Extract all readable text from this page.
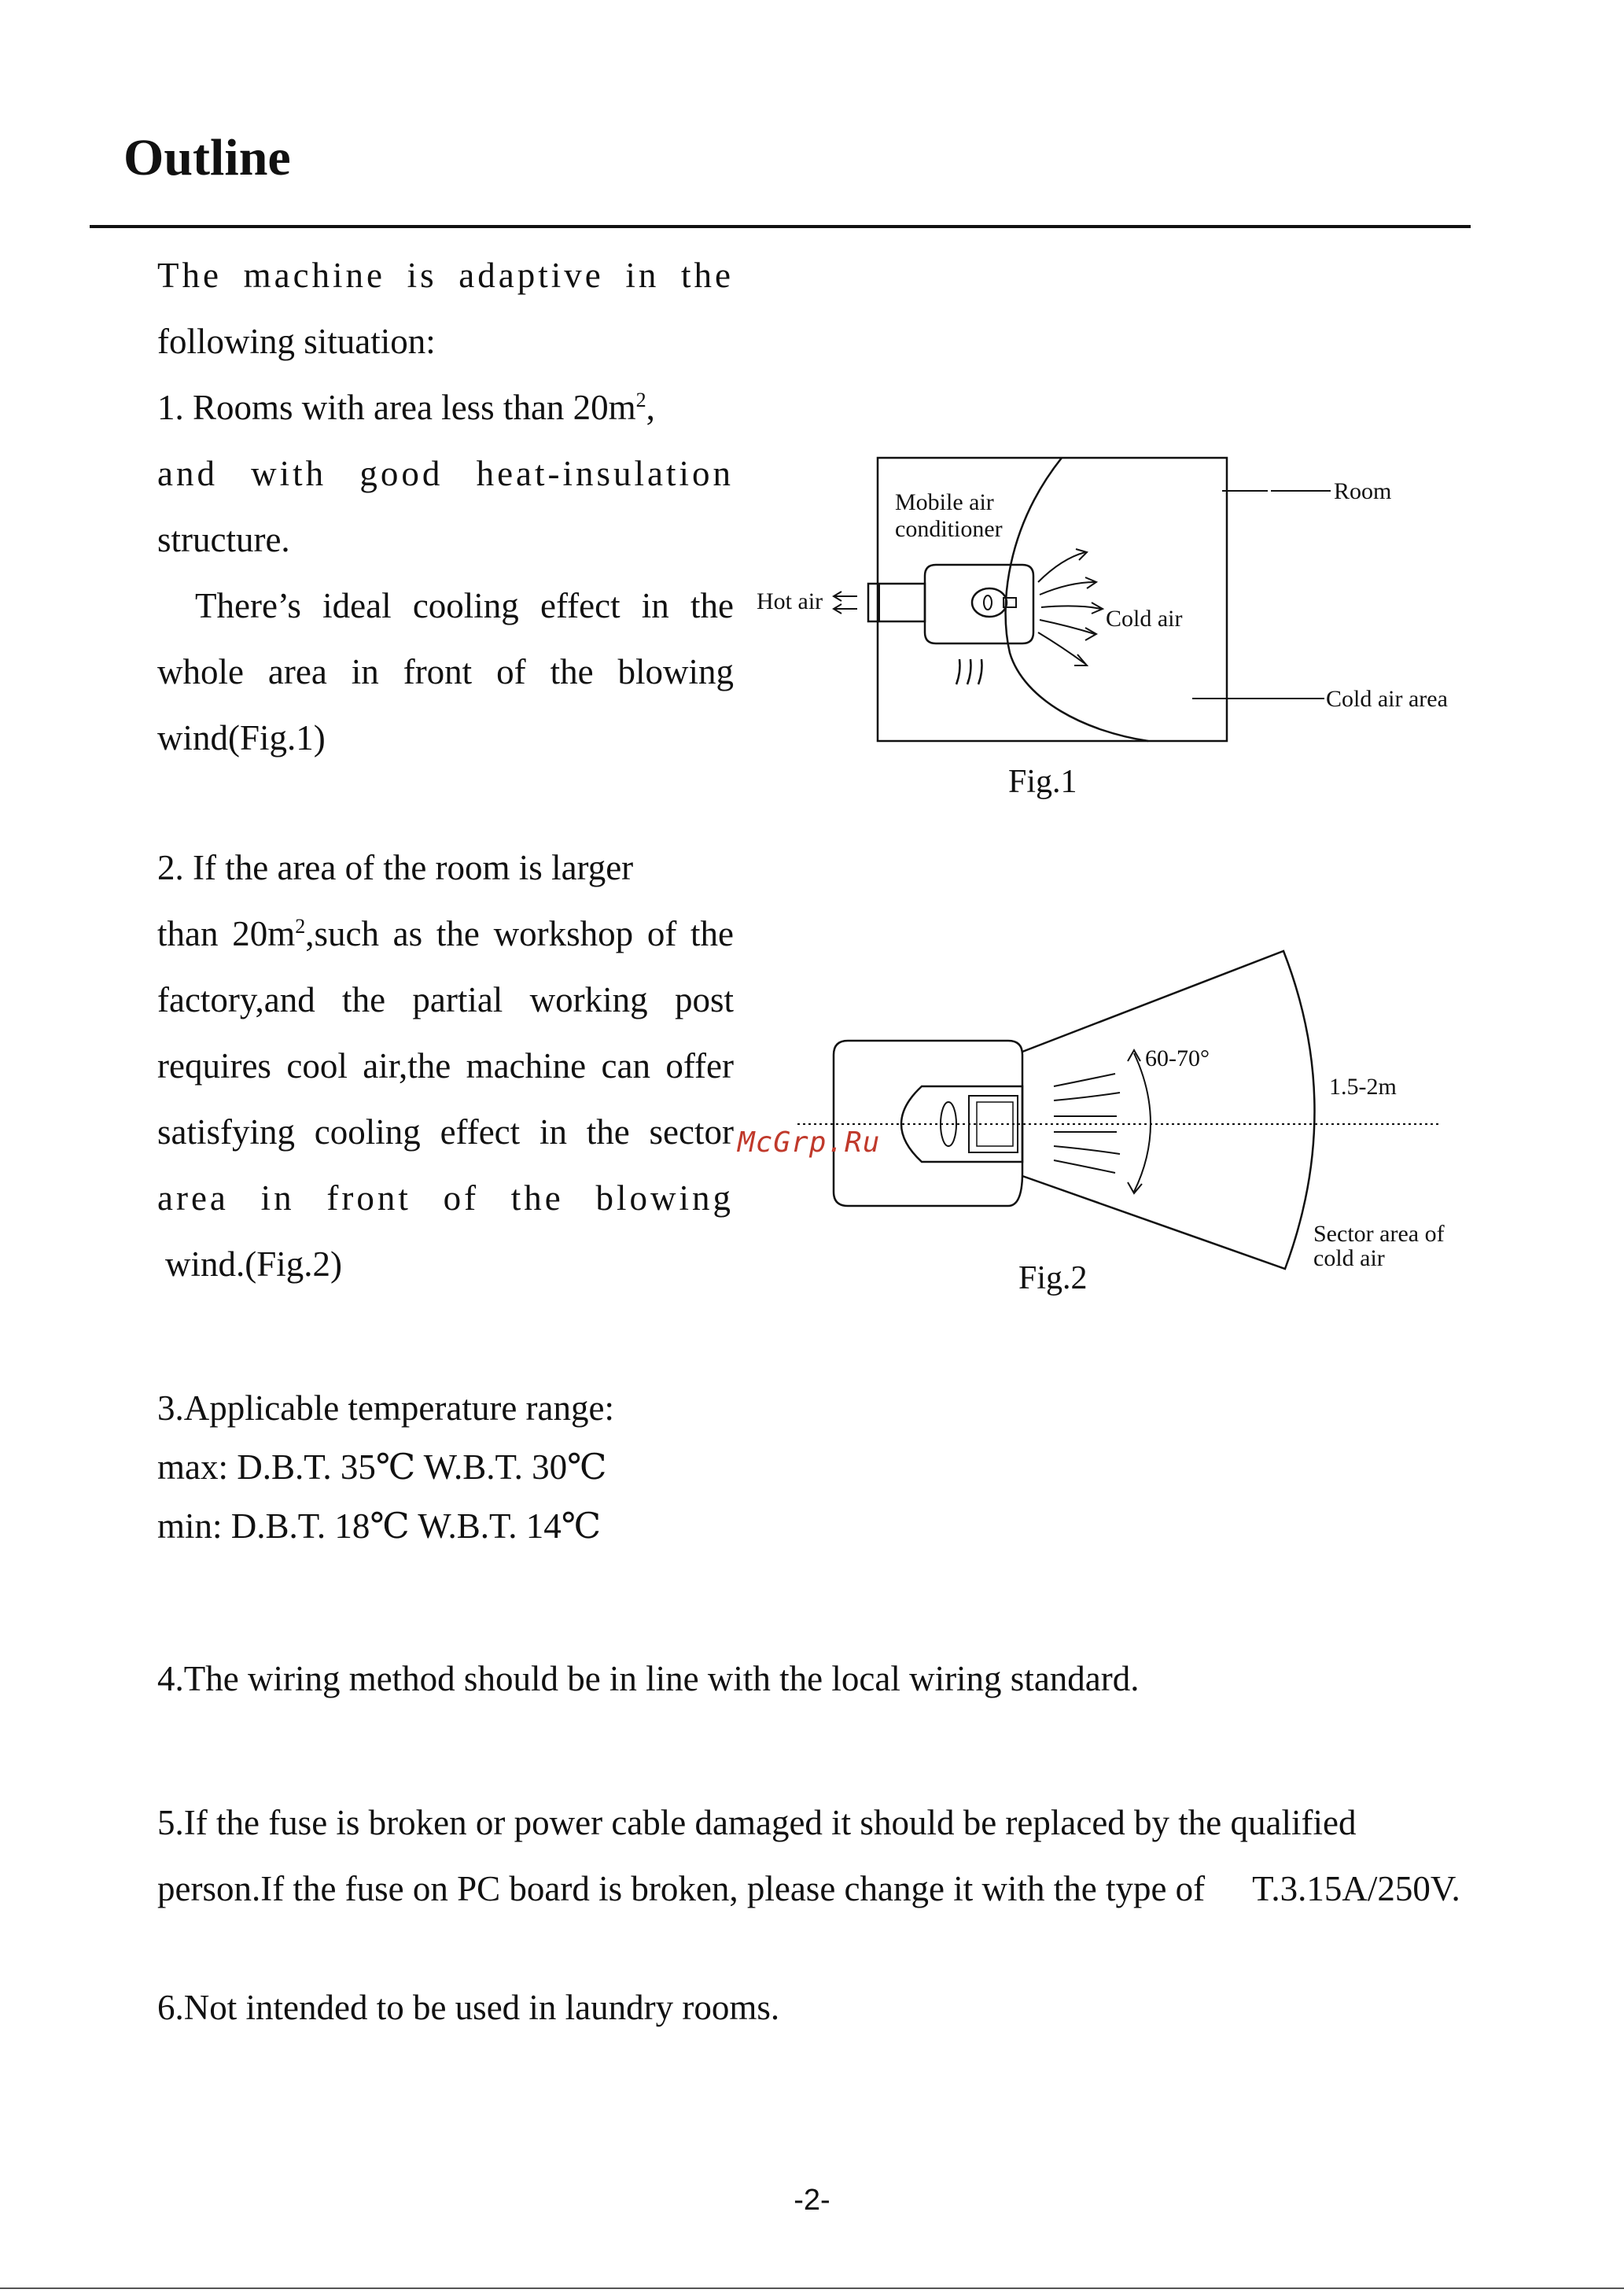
Outline
The machine is adaptive in the
following situation:
1. Rooms with area less than $20m^2$,
and with good heat-insulation
structure.
There’s ideal cooling effect in the
whole area in front of the blowing
wind(Fig.1)
Mobile air
conditioner
Hot air
Cold air
Room
Cold air area
Fig.1
2. If the area of the room is larger
than $20m^2,such$ as the workshop of the
factory,and the partial working post
requires cool air,the machine can offer
satisfying cooling effect in the sector
area in front of the blowing
wind.(Fig.2)
60-70°
1.5-2m
Sector area of
cold air
Fig.2
McGrp.Ru
3.Applicable temperature range:
max: D.B.T. 35℃ W.B.T. 30℃
min: D.B.T. 18℃ W.B.T. 14℃
4.The wiring method should be in line with the local wiring standard.
5.If the fuse is broken or power cable damaged it should be replaced by the qualified
person.If the fuse on PC board is broken, please change it with the type of T.3.15A/250V.
6.Not intended to be used in laundry rooms.
-2-
